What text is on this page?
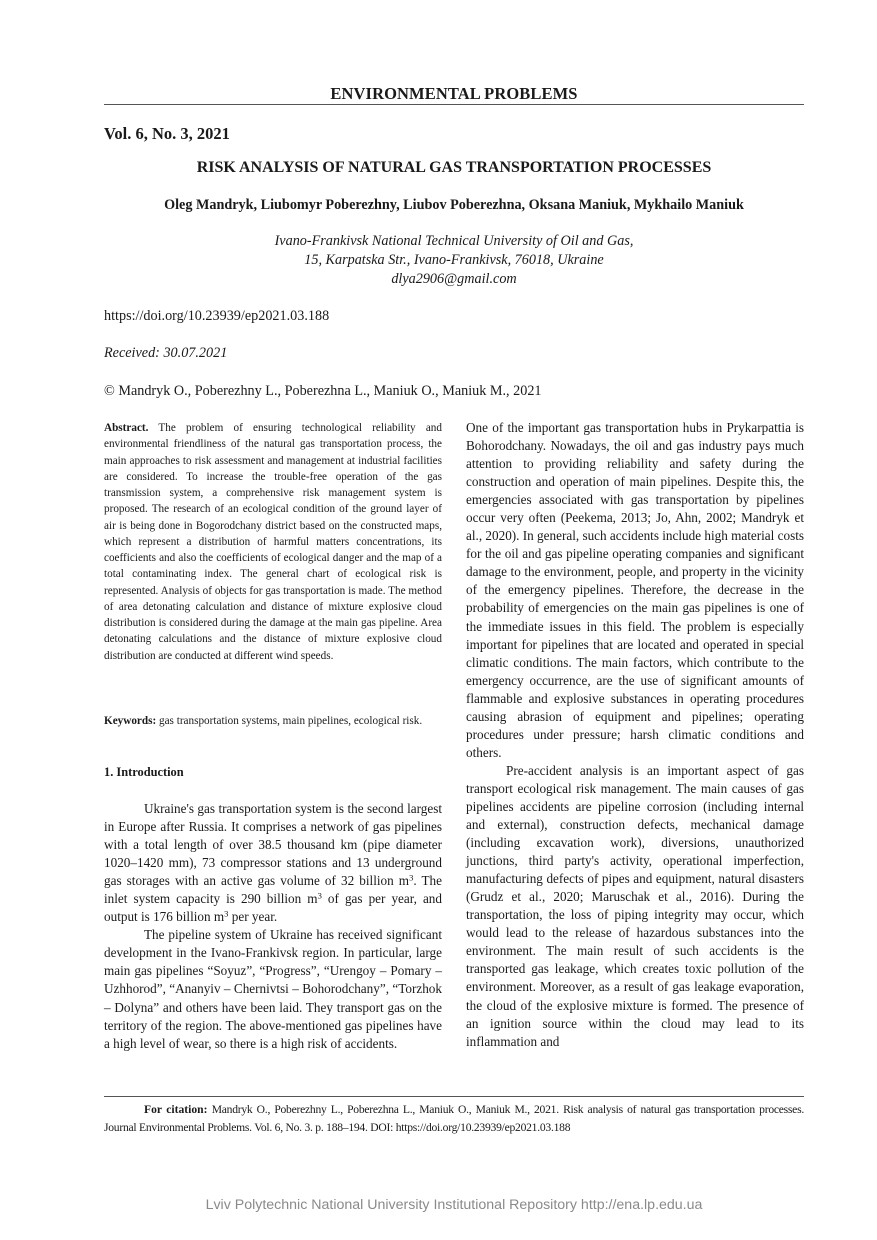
ENVIRONMENTAL PROBLEMS
Vol. 6, No. 3, 2021
RISK ANALYSIS OF NATURAL GAS TRANSPORTATION PROCESSES
Oleg Mandryk, Liubomyr Poberezhny, Liubov Poberezhna, Oksana Maniuk, Mykhailo Maniuk
Ivano-Frankivsk National Technical University of Oil and Gas,
15, Karpatska Str., Ivano-Frankivsk, 76018, Ukraine
dlya2906@gmail.com
https://doi.org/10.23939/ep2021.03.188
Received: 30.07.2021
© Mandryk O., Poberezhny L., Poberezhna L., Maniuk O., Maniuk M., 2021

Abstract. The problem of ensuring technological reliability and environmental friendliness of the natural gas transportation process, the main approaches to risk assessment and management at industrial facilities are considered. To increase the trouble-free operation of the gas transmission system, a comprehensive risk management system is proposed. The research of an ecological condition of the ground layer of air is being done in Bogorodchany district based on the constructed maps, which represent a distribution of harmful matters concentrations, its coefficients and also the coefficients of ecological danger and the map of a total contaminating index. The general chart of ecological risk is represented. Analysis of objects for gas transportation is made. The method of area detonating calculation and distance of mixture explosive cloud distribution is considered during the damage at the main gas pipeline. Area detonating calculations and the distance of mixture explosive cloud distribution are conducted at different wind speeds.

Keywords: gas transportation systems, main pipelines, ecological risk.

1. Introduction

Ukraine's gas transportation system is the second largest in Europe after Russia. It comprises a network of gas pipelines with a total length of over 38.5 thousand km (pipe diameter 1020–1420 mm), 73 compressor stations and 13 underground gas storages with an active gas volume of 32 billion $m^3$. The inlet system capacity is 290 billion $m^3$ of gas per year, and output is 176 billion $m^3$ per year.

The pipeline system of Ukraine has received significant development in the Ivano-Frankivsk region. In particular, large main gas pipelines “Soyuz”, “Progress”, “Urengoy – Pomary – Uzhhorod”, “Ananyiv – Chernivtsi – Bohorodchany”, “Torzhok – Dolyna” and others have been laid. They transport gas on the territory of the region. The above-mentioned gas pipelines have a high level of wear, so there is a high risk of accidents.

One of the important gas transportation hubs in Prykarpattia is Bohorodchany. Nowadays, the oil and gas industry pays much attention to providing reliability and safety during the construction and operation of main pipelines. Despite this, the emergencies associated with gas transportation by pipelines occur very often (Peekema, 2013; Jo, Ahn, 2002; Mandryk et al., 2020). In general, such accidents include high material costs for the oil and gas pipeline operating companies and significant damage to the environment, people, and property in the vicinity of the emergency pipelines. Therefore, the decrease in the probability of emergencies on the main gas pipelines is one of the immediate issues in this field. The problem is especially important for pipelines that are located and operated in special climatic conditions. The main factors, which contribute to the emergency occurrence, are the use of significant amounts of flammable and explosive substances in operating procedures causing abrasion of equipment and pipelines; operating procedures under pressure; harsh climatic conditions and others.

Pre-accident analysis is an important aspect of gas transport ecological risk management. The main causes of gas pipelines accidents are pipeline corrosion (including internal and external), construction defects, mechanical damage (including excavation work), diversions, unauthorized junctions, third party's activity, operational imperfection, manufacturing defects of pipes and equipment, natural disasters (Grudz et al., 2020; Maruschak et al., 2016). During the transportation, the loss of piping integrity may occur, which would lead to the release of hazardous substances into the environment. The main result of such accidents is the transported gas leakage, which creates toxic pollution of the environment. Moreover, as a result of gas leakage evaporation, the cloud of the explosive mixture is formed. The presence of an ignition source within the cloud may lead to its inflammation and

For citation: Mandryk O., Poberezhny L., Poberezhna L., Maniuk O., Maniuk M., 2021. Risk analysis of natural gas transportation processes. Journal Environmental Problems. Vol. 6, No. 3. p. 188–194. DOI: https://doi.org/10.23939/ep2021.03.188

Lviv Polytechnic National University Institutional Repository http://ena.lp.edu.ua
